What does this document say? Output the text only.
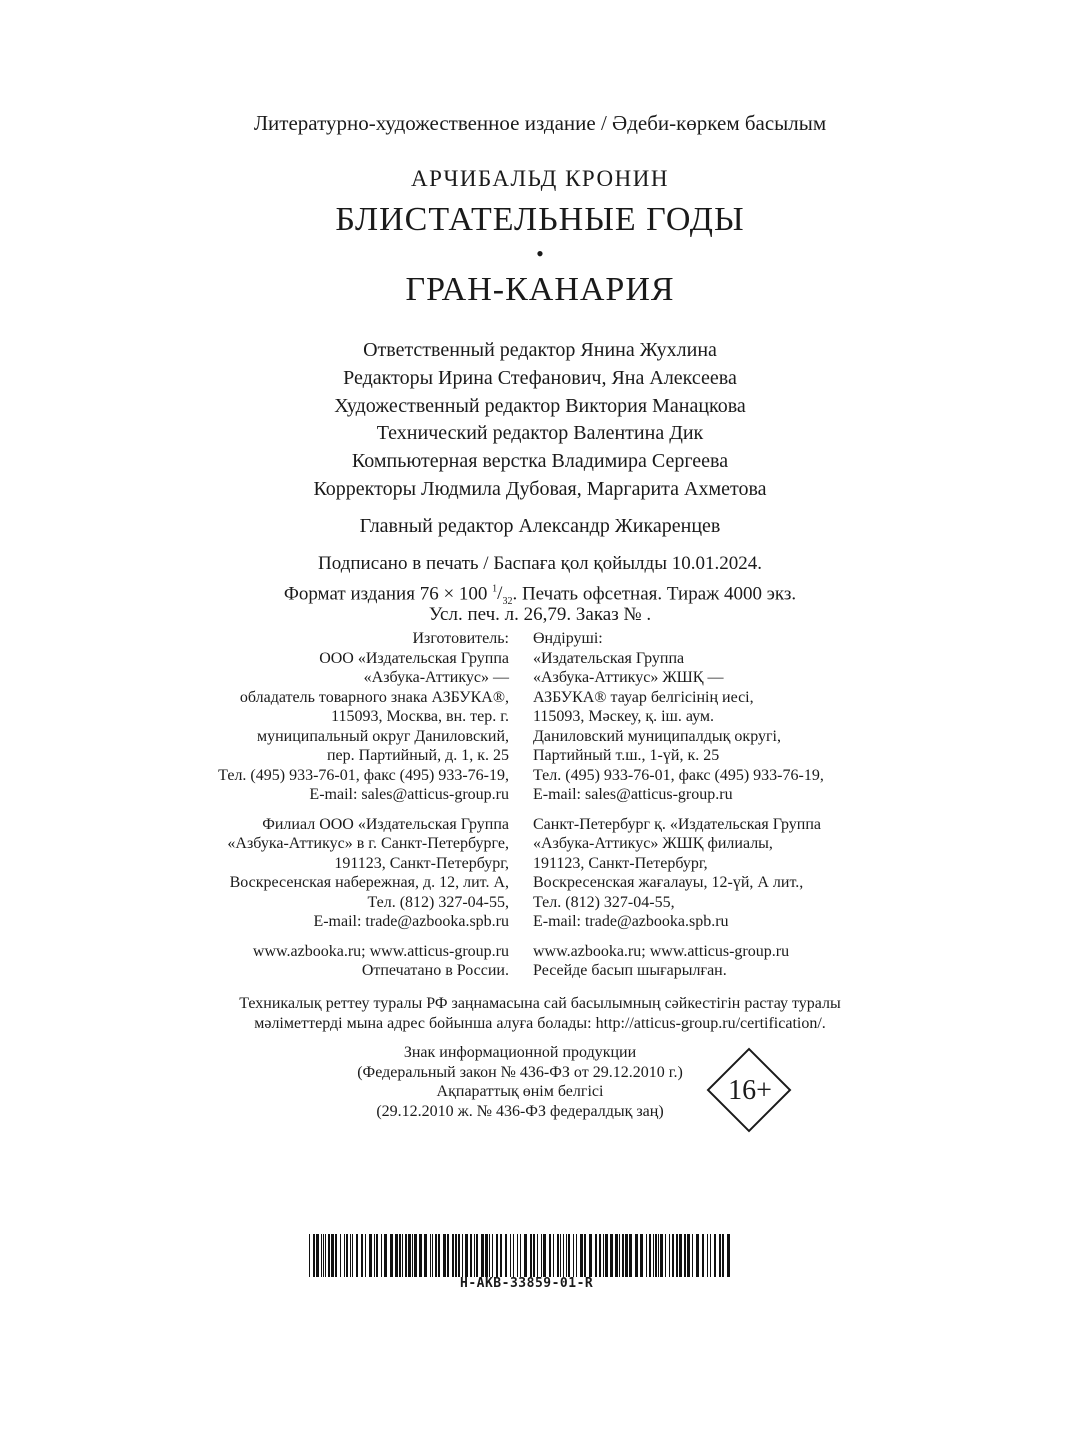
Литературно-художественное издание / Әдеби-көркем басылым
АРЧИБАЛЬД КРОНИН
БЛИСТАТЕЛЬНЫЕ ГОДЫ
•
ГРАН-КАНАРИЯ
Ответственный редактор Янина Жухлина
Редакторы Ирина Стефанович, Яна Алексеева
Художественный редактор Виктория Манацкова
Технический редактор Валентина Дик
Компьютерная верстка Владимира Сергеева
Корректоры Людмила Дубовая, Маргарита Ахметова
Главный редактор Александр Жикаренцев
Подписано в печать / Баспаға қол қойылды 10.01.2024.
Формат издания 76 × 100 $^1/_{32}$. Печать офсетная. Тираж 4000 экз.
Усл. печ. л. 26,79. Заказ № .
Изготовитель:
ООО «Издательская Группа
«Азбука-Аттикус» —
обладатель товарного знака АЗБУКА®,
115093, Москва, вн. тер. г.
муниципальный округ Даниловский,
пер. Партийный, д. 1, к. 25
Тел. (495) 933-76-01, факс (495) 933-76-19,
E-mail: sales@atticus-group.ru
Филиал ООО «Издательская Группа
«Азбука-Аттикус» в г. Санкт-Петербурге,
191123, Санкт-Петербург,
Воскресенская набережная, д. 12, лит. А,
Тел. (812) 327-04-55,
E-mail: trade@azbooka.spb.ru
www.azbooka.ru; www.atticus-group.ru
Отпечатано в России.
Өндіруші:
«Издательская Группа
«Азбука-Аттикус» ЖШҚ —
АЗБУКА® тауар белгісінің иесі,
115093, Мәскеу, қ. іш. аум.
Даниловский муниципалдық округі,
Партийный т.ш., 1-үй, к. 25
Тел. (495) 933-76-01, факс (495) 933-76-19,
E-mail: sales@atticus-group.ru
Санкт-Петербург қ. «Издательская Группа
«Азбука-Аттикус» ЖШҚ филиалы,
191123, Санкт-Петербург,
Воскресенская жағалауы, 12-үй, А лит.,
Тел. (812) 327-04-55,
E-mail: trade@azbooka.spb.ru
www.azbooka.ru; www.atticus-group.ru
Ресейде басып шығарылған.
Техникалық реттеу туралы РФ заңнамасына сай басылымның сәйкестігін растау туралы
мәліметтерді мына адрес бойынша алуға болады: http://atticus-group.ru/certification/.
Знак информационной продукции
(Федеральный закон № 436-ФЗ от 29.12.2010 г.)
Ақпараттық өнім белгісі
(29.12.2010 ж. № 436-ФЗ федералдық заң)
16+
H-AKB-33859-01-R
